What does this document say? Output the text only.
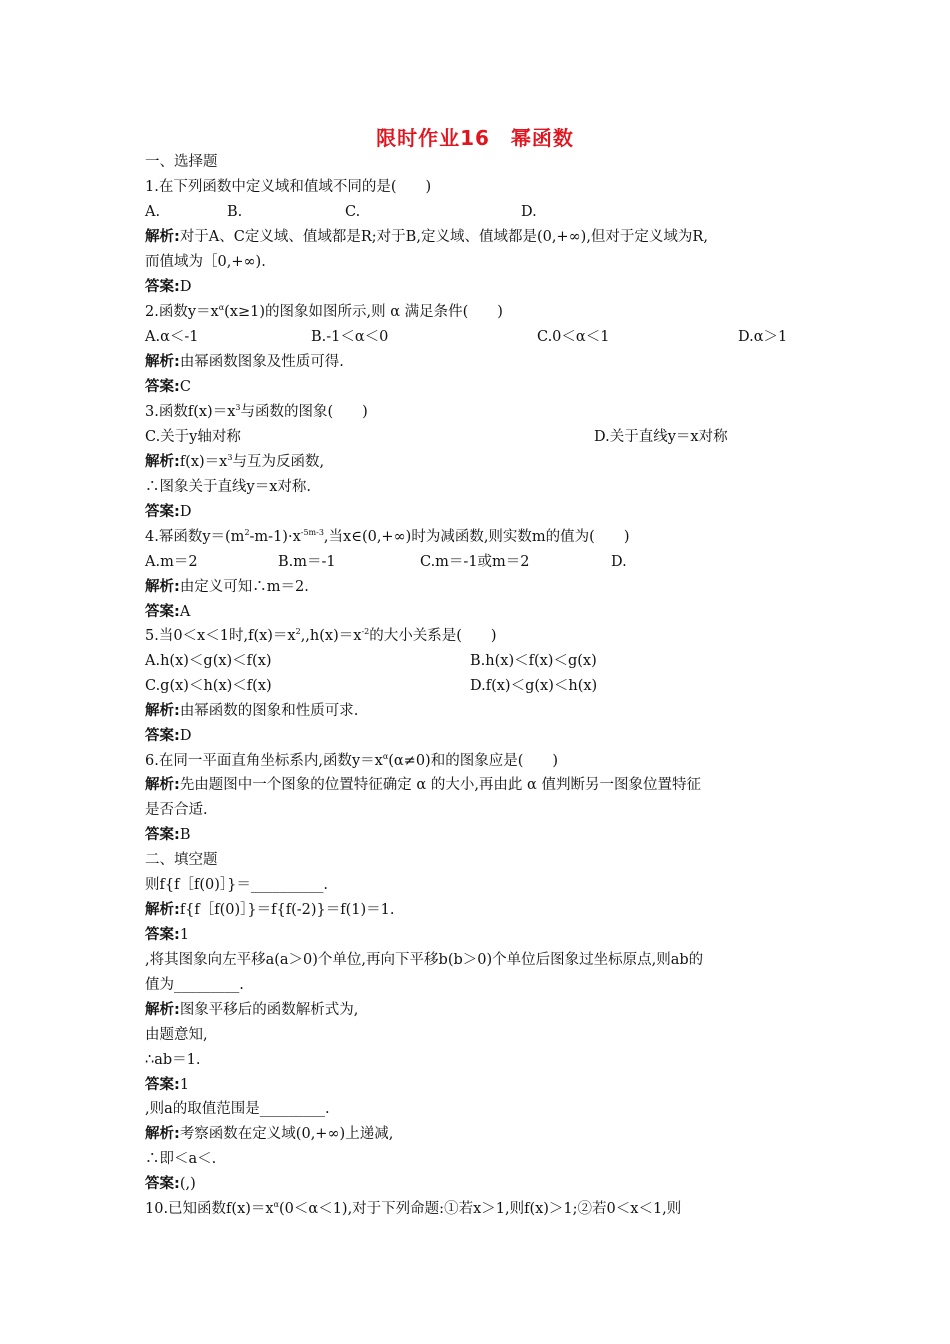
限时作业16　幂函数
一、选择题
1.在下列函数中定义域和值域不同的是(　　)
A.	B.	C.	D.
解析:对于A、C定义域、值域都是R;对于B,定义域、值域都是(0,+∞),但对于定义域为R,
而值域为［0,+∞).
答案:D
2.函数$y=x^\alpha(x\ge 1)$的图象如图所示,则 α 满足条件(　　)
A.α＜-1	B.-1＜α＜0	C.0＜α＜1	D.α＞1
解析:由幂函数图象及性质可得.
答案:C
3.函数$f(x)=x^3$与函数的图象(　　)
C.关于y轴对称	D.关于直线y＝x对称
解析$:f(x)=x^3$与互为反函数,
∴图象关于直线y＝x对称.
答案:D
4.幂函数$y=(m^2-m-1)\cdot x^{-5m-3}$,当x∈(0,+∞)时为减函数,则实数m的值为(　　)
A.m＝2	B.m＝-1	C.m＝-1或m＝2	D.
解析:由定义可知∴m＝2.
答案:A
5.当0＜x＜1时$,f(x)=x^2,,h(x)=x^{-2}$的大小关系是(　　)
A.h(x)＜g(x)＜f(x)	B.h(x)＜f(x)＜g(x)
C.g(x)＜h(x)＜f(x)	D.f(x)＜g(x)＜h(x)
解析:由幂函数的图象和性质可求.
答案:D
6.在同一平面直角坐标系内,函数$y=x^\alpha(\alpha\ne 0)$和的图象应是(　　)
解析:先由题图中一个图象的位置特征确定 α 的大小,再由此 α 值判断另一图象位置特征
是否合适.
答案:B
二、填空题
则f{f［f(0)］}＝__________.
解析:f{f［f(0)］}＝f{f(-2)}＝f(1)＝1.
答案:1
,将其图象向左平移a(a＞0)个单位,再向下平移b(b＞0)个单位后图象过坐标原点,则ab的
值为_________.
解析:图象平移后的函数解析式为,
由题意知,
∴ab＝1.
答案:1
,则a的取值范围是_________.
解析:考察函数在定义域(0,+∞)上递减,
∴即＜a＜.
答案:(,)
10.已知函数$f(x)=x^\alpha(0<\alpha<1)$,对于下列命题:①若x＞1,则f(x)＞1;②若0＜x＜1,则
